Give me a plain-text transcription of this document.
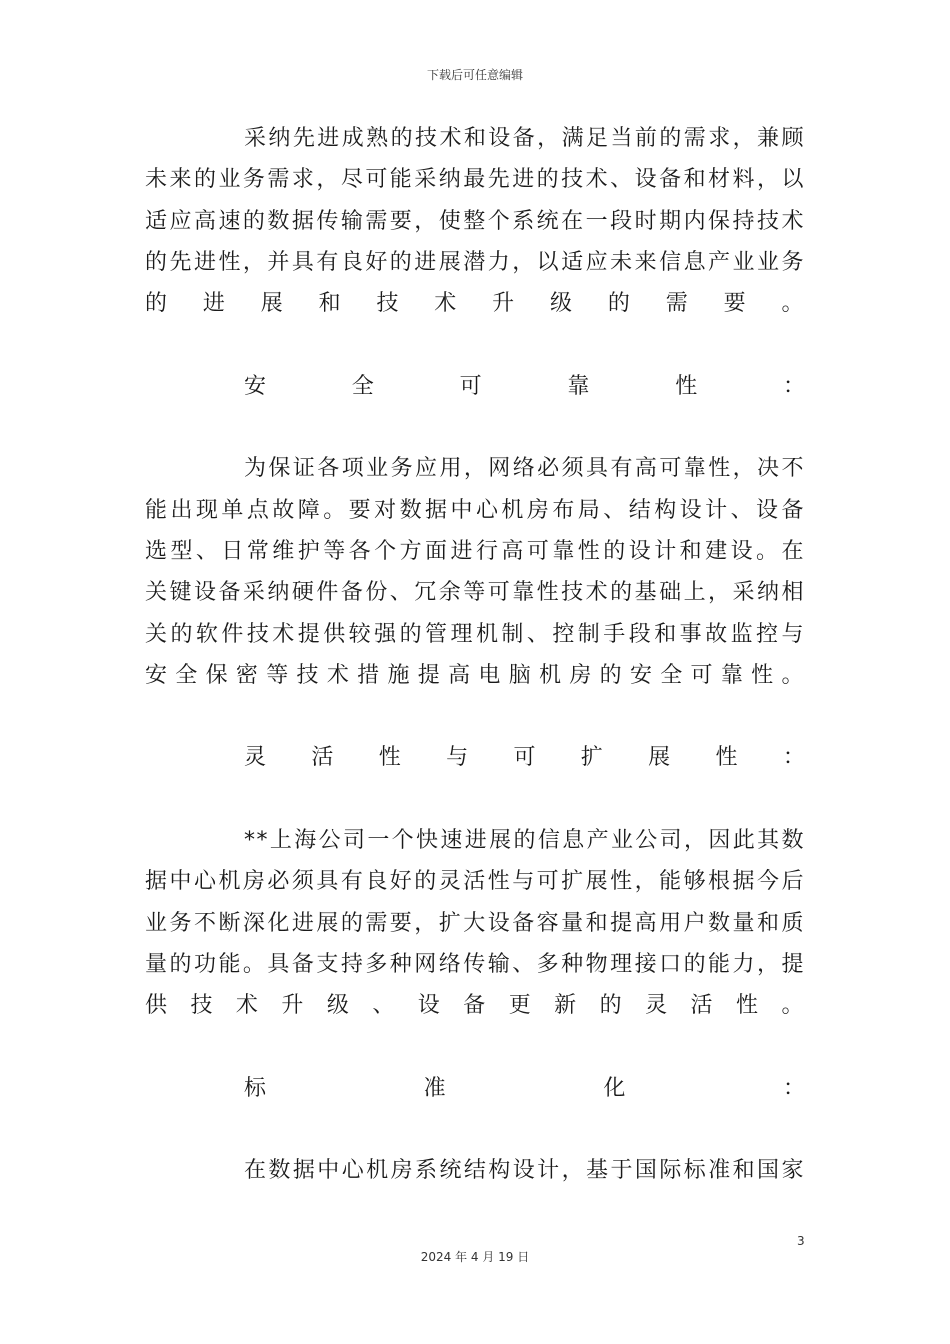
下载后可任意编辑
采纳先进成熟的技术和设备，满足当前的需求，兼顾
未来的业务需求，尽可能采纳最先进的技术、设备和材料，以
适应高速的数据传输需要，使整个系统在一段时期内保持技术
的先进性，并具有良好的进展潜力，以适应未来信息产业业务
的进展和技术升级的需要。
安	全	可	靠	性	：
为保证各项业务应用，网络必须具有高可靠性，决不
能出现单点故障。要对数据中心机房布局、结构设计、设备
选型、日常维护等各个方面进行高可靠性的设计和建设。在
关键设备采纳硬件备份、冗余等可靠性技术的基础上，采纳相
关的软件技术提供较强的管理机制、控制手段和事故监控与
安全保密等技术措施提高电脑机房的安全可靠性。
灵 活 性 与 可 扩 展 性 ：
**上海公司一个快速进展的信息产业公司，因此其数
据中心机房必须具有良好的灵活性与可扩展性，能够根据今后
业务不断深化进展的需要，扩大设备容量和提高用户数量和质
量的功能。具备支持多种网络传输、多种物理接口的能力，提
供技术升级、设备更新的灵活性。
标	准	化	：
在数据中心机房系统结构设计，基于国际标准和国家
3
2024 年 4 月 19 日
